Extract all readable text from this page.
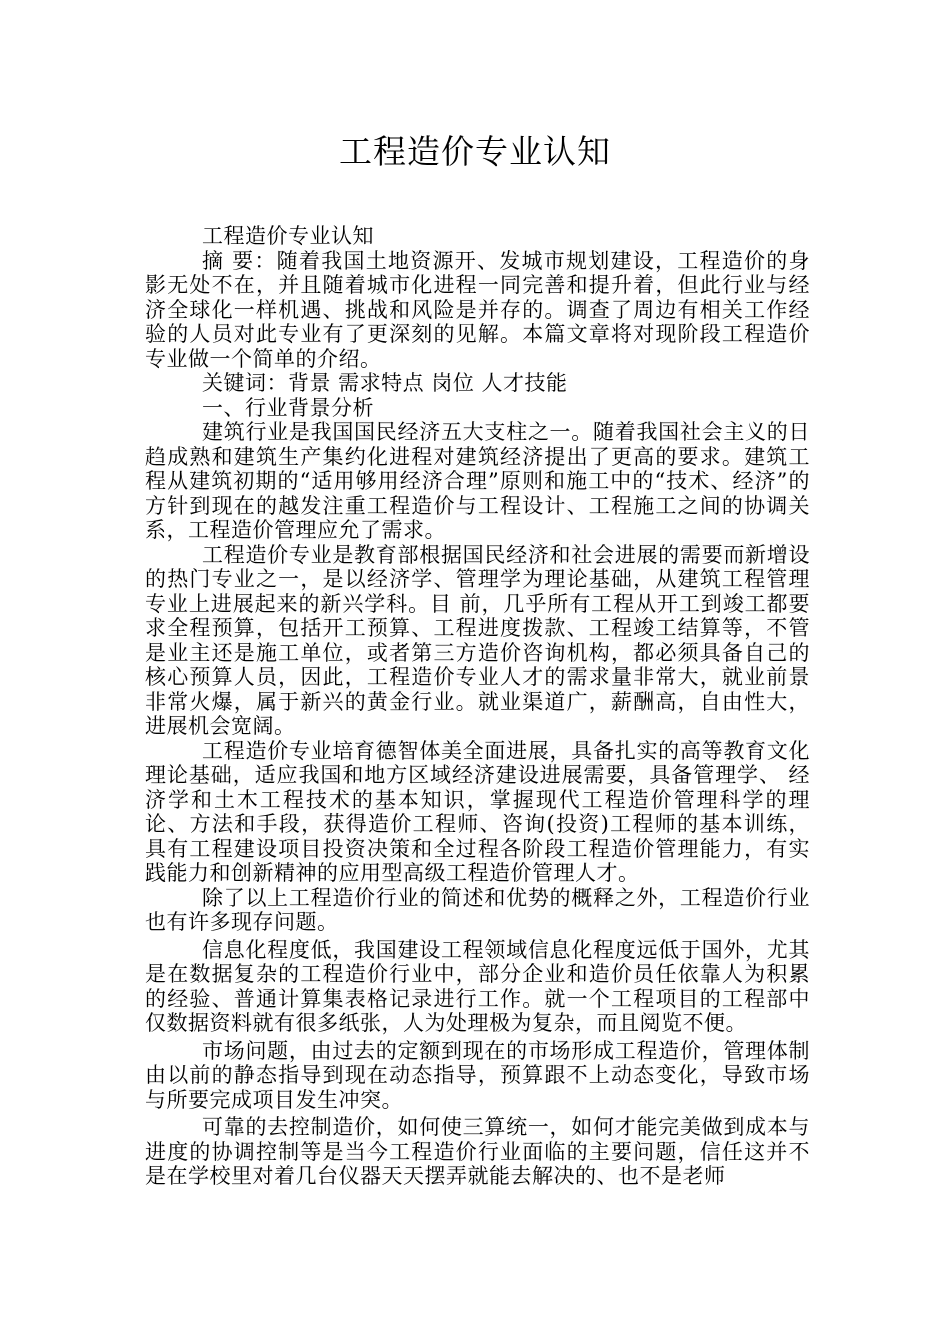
工程造价专业认知

工程造价专业认知

摘 要：随着我国土地资源开、发城市规划建设，工程造价的身影无处不在，并且随着城市化进程一同完善和提升着，但此行业与经济全球化一样机遇、挑战和风险是并存的。调查了周边有相关工作经验的人员对此专业有了更深刻的见解。本篇文章将对现阶段工程造价专业做一个简单的介绍。

关键词：背景 需求特点 岗位 人才技能

一、行业背景分析

建筑行业是我国国民经济五大支柱之一。随着我国社会主义的日趋成熟和建筑生产集约化进程对建筑经济提出了更高的要求。建筑工程从建筑初期的“适用够用经济合理”原则和施工中的“技术、经济”的方针到现在的越发注重工程造价与工程设计、工程施工之间的协调关系，工程造价管理应允了需求。

工程造价专业是教育部根据国民经济和社会进展的需要而新增设的热门专业之一，是以经济学、管理学为理论基础，从建筑工程管理专业上进展起来的新兴学科。目 前，几乎所有工程从开工到竣工都要求全程预算，包括开工预算、工程进度拨款、工程竣工结算等，不管是业主还是施工单位，或者第三方造价咨询机构，都必须具备自己的核心预算人员，因此，工程造价专业人才的需求量非常大，就业前景非常火爆，属于新兴的黄金行业。就业渠道广，薪酬高，自由性大，进展机会宽阔。

工程造价专业培育德智体美全面进展，具备扎实的高等教育文化理论基础，适应我国和地方区域经济建设进展需要，具备管理学、 经济学和土木工程技术的基本知识，掌握现代工程造价管理科学的理论、方法和手段，获得造价工程师、咨询(投资)工程师的基本训练， 具有工程建设项目投资决策和全过程各阶段工程造价管理能力，有实践能力和创新精神的应用型高级工程造价管理人才。

除了以上工程造价行业的简述和优势的概释之外，工程造价行业也有许多现存问题。

信息化程度低，我国建设工程领域信息化程度远低于国外，尤其是在数据复杂的工程造价行业中，部分企业和造价员任依靠人为积累的经验、普通计算集表格记录进行工作。就一个工程项目的工程部中仅数据资料就有很多纸张，人为处理极为复杂，而且阅览不便。

市场问题，由过去的定额到现在的市场形成工程造价，管理体制由以前的静态指导到现在动态指导，预算跟不上动态变化，导致市场与所要完成项目发生冲突。

可靠的去控制造价，如何使三算统一，如何才能完美做到成本与进度的协调控制等是当今工程造价行业面临的主要问题，信任这并不是在学校里对着几台仪器天天摆弄就能去解决的、也不是老师
